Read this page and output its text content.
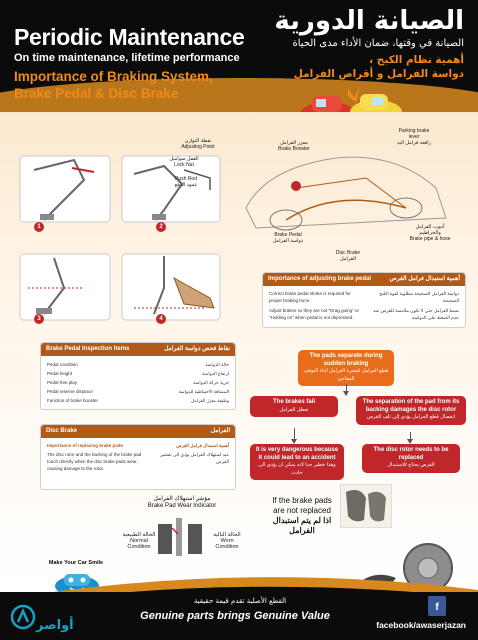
Periodic Maintenance
On time maintenance, lifetime performance
Importance of Braking System, Brake Pedal & Disc Brake
الصيانة الدورية
الصيانة في وقتها، ضمان الأداء مدى الحياة
أهمية نظام الكبح ،
دواسة الفرامل و أقراص الفرامل
1	2
نقطة التوازن
Adjusting Point
القفل صواميل
Lock Nut
Push Rod
عمود الدفع
معزز الفرامل
Brake Booster
Parking brake lever
رافعة فرامل اليد
Brake Pedal
دواسة الفرامل
Disc Brake
الفرامل
أنبوب الفرامل والخراطيم
Brake pipe & hose
3	4
Importance of adjusting brake pedal	أهمية استبدال فرامل القرص
Correct brake pedal stroke is required for proper braking force.
دواسة الفرامل الصحيحة مطلوبة لقوة الكبح الصحيحة
Adjust brakes so they are not "Drag going" or "Holding on" when pedal is not depressed.
ضبط الفرامل حتى لا تكون ملامسة للقرص عند عدم الضغط على الدواسة
Brake Pedal Inspection Items	نقاط فحص دواسة الفرامل
Pedal condition	حالة الدواسة
Pedal height	ارتفاع الدواسة
Pedal free play	حرية حركة الدواسة
Pedal reserve distance	المسافة الاحتياطية للدواسة
Function of brake booster	وظيفة معزز الفرامل
Disc Brake	الفرامل
Importance of replacing brake pads	أهمية استبدال فرامل القرص
The disc rotor and the backing of the brake pad touch directly when the disc brake pads wear, causing damage to the rotor.
عند استهلاك الفرامل يؤدي الى تقشير القرص
The pads separate during sudden braking
قطع الفرامل لقشرة الفرامل اثناء التوقف المفاجئ
The brakes fail
تعطل الفرامل
The separation of the pad from its backing damages the disc rotor
انفصال قطع الفرامل يؤدي إلى تلف القرص
It is very dangerous because it could lead to an accident
وهذا خطير جدا لانه يمكن ان يؤدي الى حادث
The disc rotor needs to be replaced
القرص يحتاج للاستبدال
If the brake pads
are not replaced
اذا لم يتم استبدال الفرامل
مؤشر استهلاك الفرامل
Brake Pad Wear Indicator
الحالة الطبيعية
Normal Condition
الحالة البالية
Worn Condition
Make Your Car Smile
القطع الأصلية تقدم قيمة حقيقية
Genuine parts brings Genuine Value
facebook/awaserjazan
f
أواصر
